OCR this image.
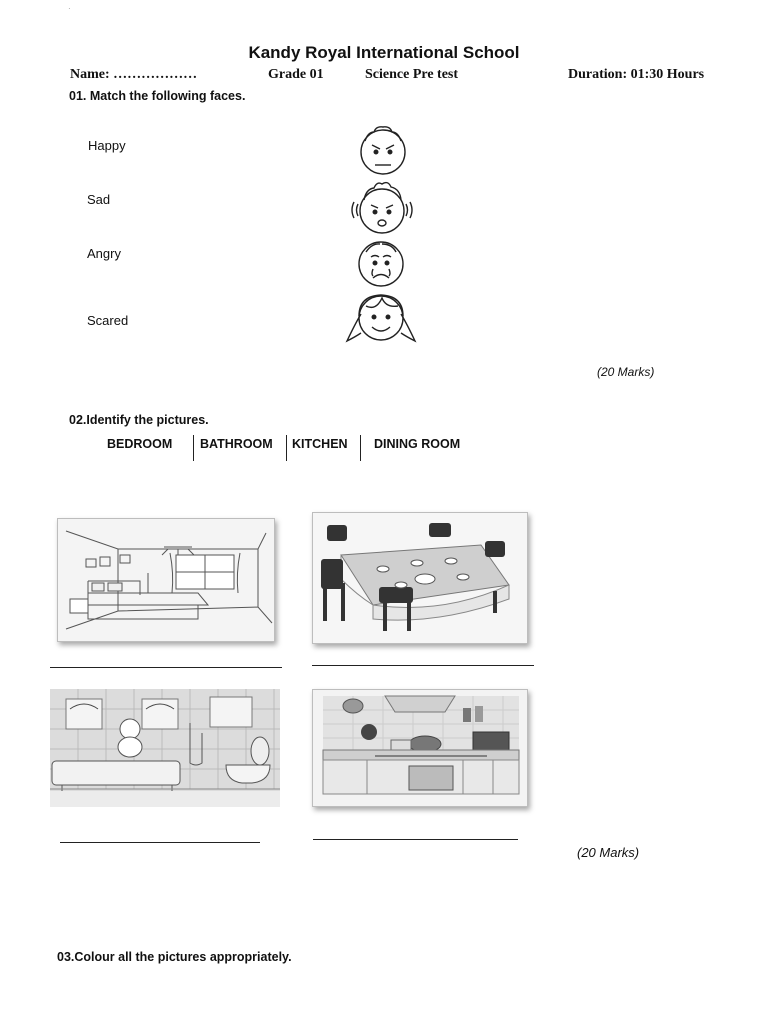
·
Kandy Royal International School
Name: ………………	Grade 01	Science Pre test	Duration: 01:30 Hours
01. Match the following faces.
Happy
Sad
Angry
Scared
(20 Marks)
02.Identify the pictures.
BEDROOM BATHROOM KITCHEN DINING ROOM
(20 Marks)
03.Colour all the pictures appropriately.
